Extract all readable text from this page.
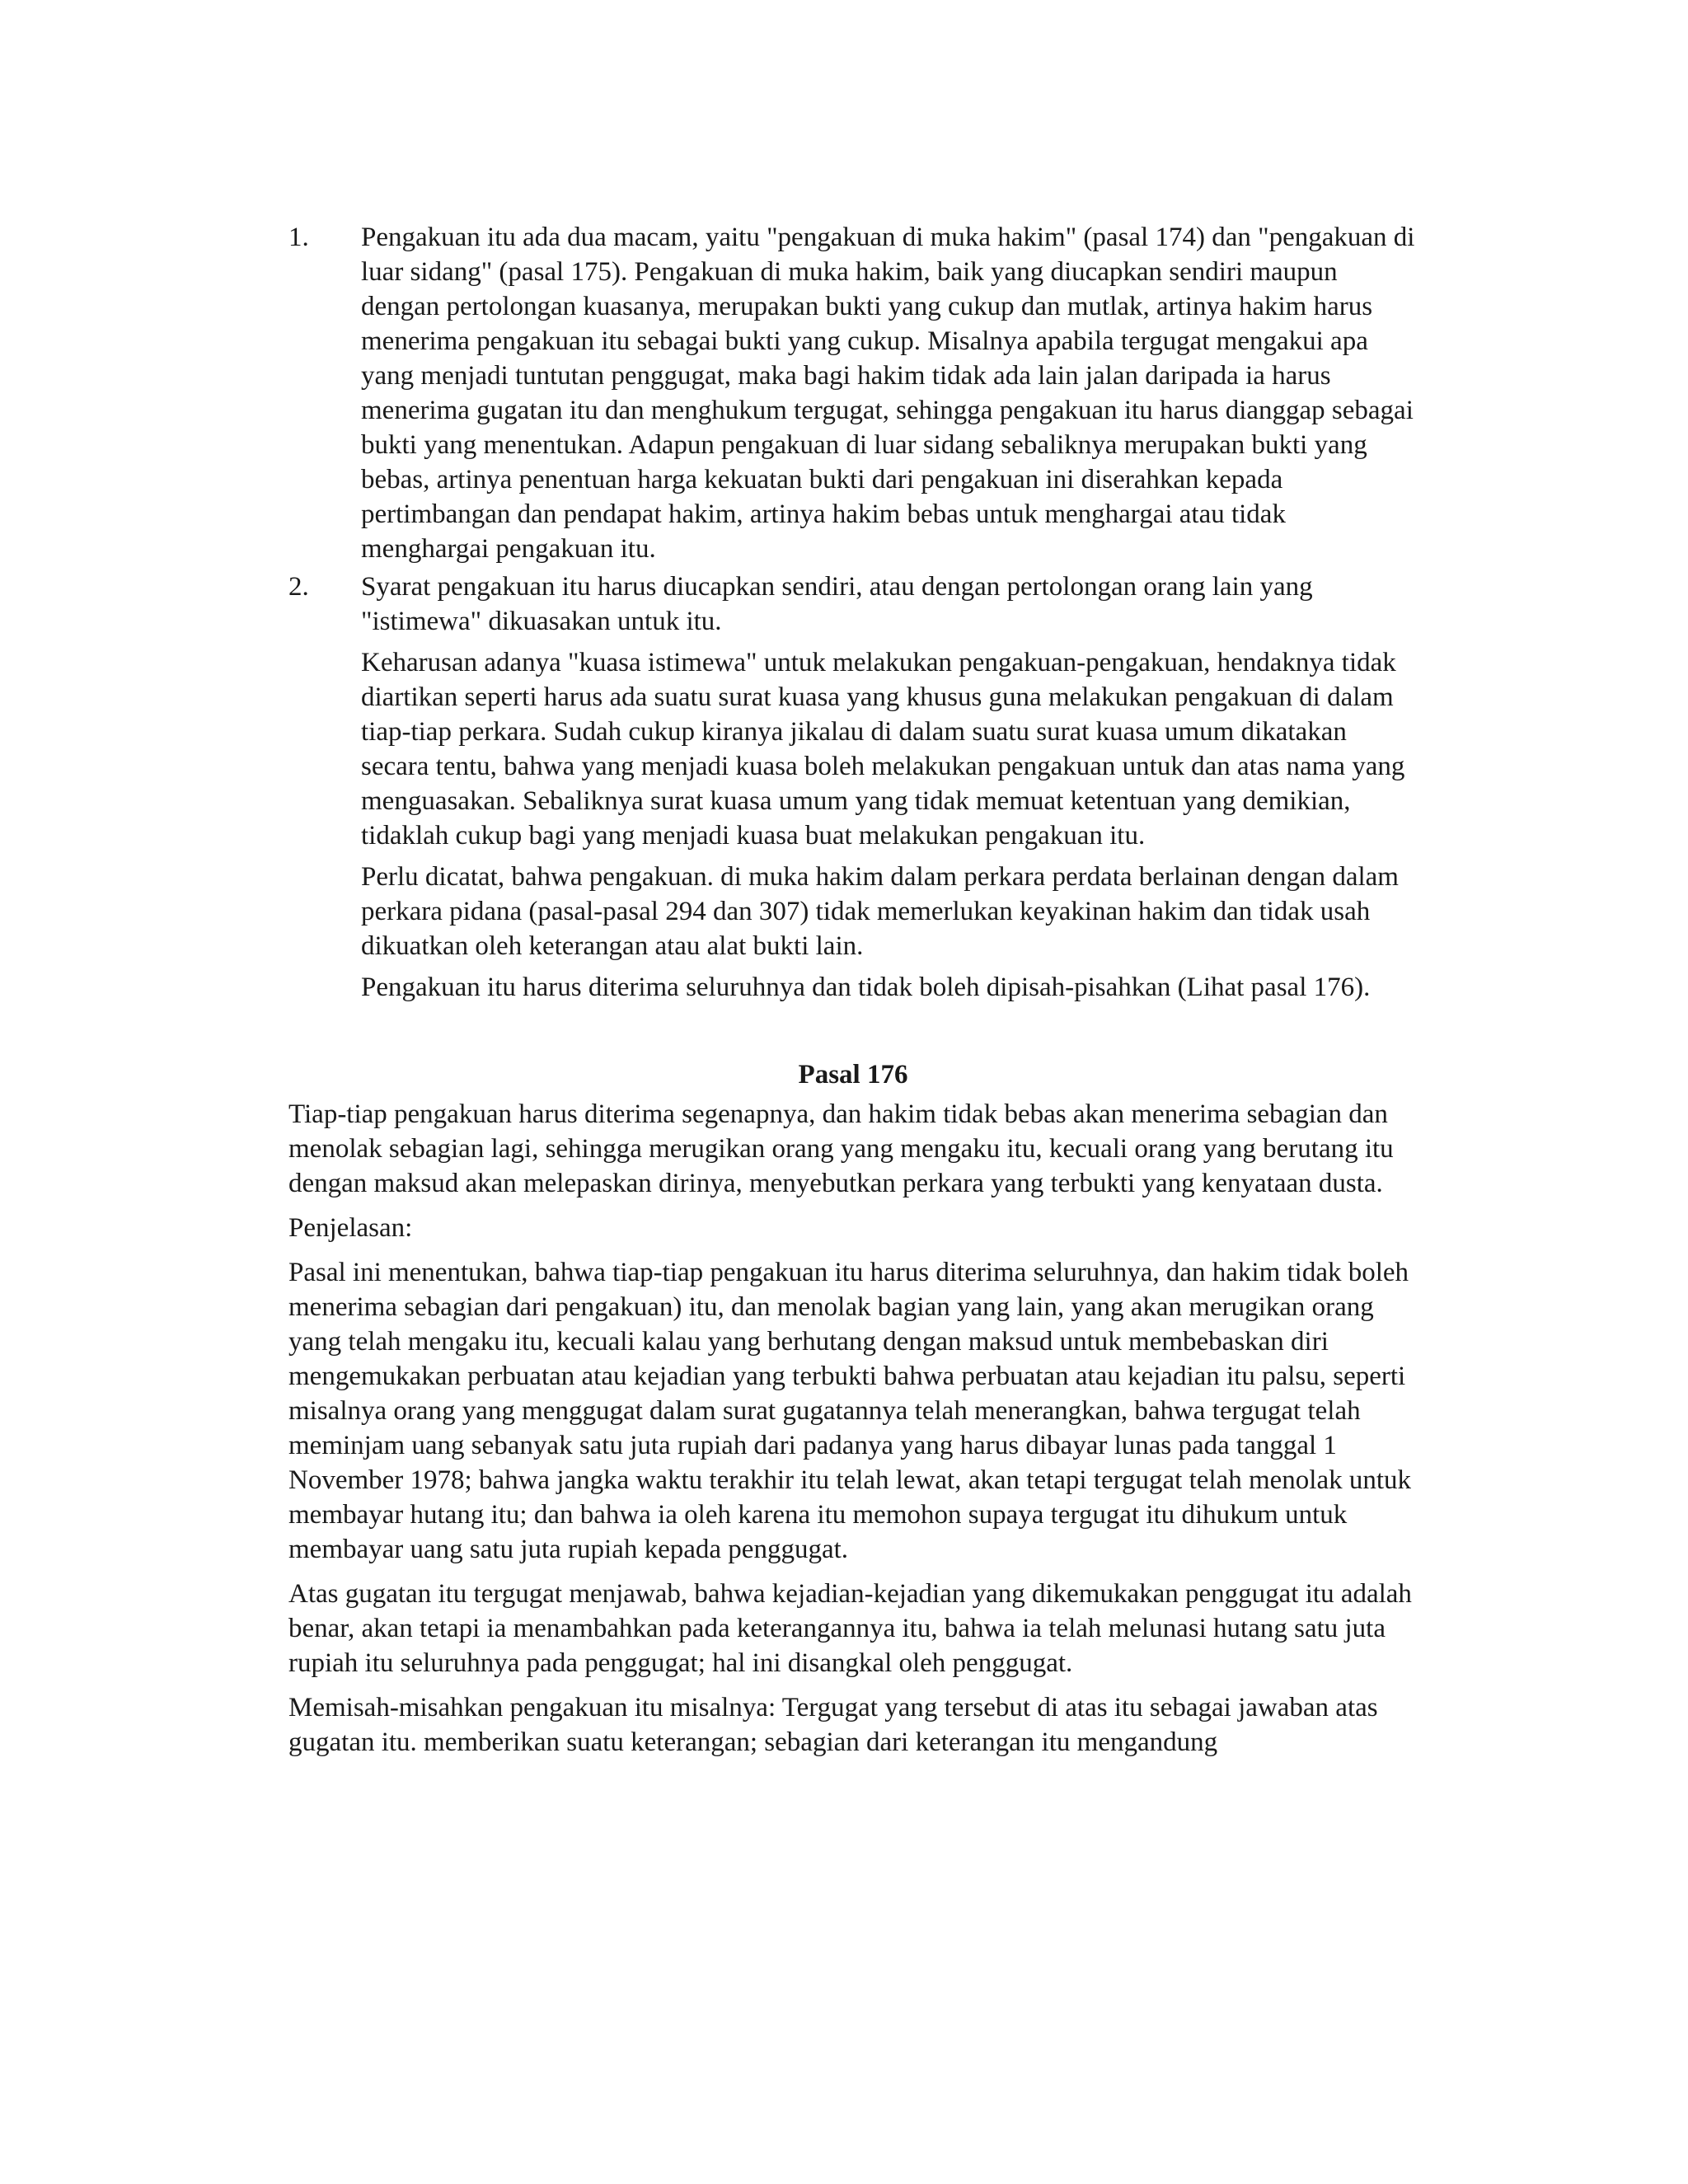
1. Pengakuan itu ada dua macam, yaitu "pengakuan di muka hakim" (pasal 174) dan "pengakuan di luar sidang" (pasal 175). Pengakuan di muka hakim, baik yang diucapkan sendiri maupun dengan pertolongan kuasanya, merupakan bukti yang cukup dan mutlak, artinya hakim harus menerima pengakuan itu sebagai bukti yang cukup. Misalnya apabila tergugat mengakui apa yang menjadi tuntutan penggugat, maka bagi hakim tidak ada lain jalan daripada ia harus menerima gugatan itu dan menghukum tergugat, sehingga pengakuan itu harus dianggap sebagai bukti yang menentukan. Adapun pengakuan di luar sidang sebaliknya merupakan bukti yang bebas, artinya penentuan harga kekuatan bukti dari pengakuan ini diserahkan kepada pertimbangan dan pendapat hakim, artinya hakim bebas untuk menghargai atau tidak menghargai pengakuan itu.

2. Syarat pengakuan itu harus diucapkan sendiri, atau dengan pertolongan orang lain yang "istimewa" dikuasakan untuk itu.

Keharusan adanya "kuasa istimewa" untuk melakukan pengakuan-pengakuan, hendaknya tidak diartikan seperti harus ada suatu surat kuasa yang khusus guna melakukan pengakuan di dalam tiap-tiap perkara. Sudah cukup kiranya jikalau di dalam suatu surat kuasa umum dikatakan secara tentu, bahwa yang menjadi kuasa boleh melakukan pengakuan untuk dan atas nama yang menguasakan. Sebaliknya surat kuasa umum yang tidak memuat ketentuan yang demikian, tidaklah cukup bagi yang menjadi kuasa buat melakukan pengakuan itu.

Perlu dicatat, bahwa pengakuan. di muka hakim dalam perkara perdata berlainan dengan dalam perkara pidana (pasal-pasal 294 dan 307) tidak memerlukan keyakinan hakim dan tidak usah dikuatkan oleh keterangan atau alat bukti lain.

Pengakuan itu harus diterima seluruhnya dan tidak boleh dipisah-pisahkan (Lihat pasal 176).

Pasal 176

Tiap-tiap pengakuan harus diterima segenapnya, dan hakim tidak bebas akan menerima sebagian dan menolak sebagian lagi, sehingga merugikan orang yang mengaku itu, kecuali orang yang berutang itu dengan maksud akan melepaskan dirinya, menyebutkan perkara yang terbukti yang kenyataan dusta.

Penjelasan:

Pasal ini menentukan, bahwa tiap-tiap pengakuan itu harus diterima seluruhnya, dan hakim tidak boleh menerima sebagian dari pengakuan) itu, dan menolak bagian yang lain, yang akan merugikan orang yang telah mengaku itu, kecuali kalau yang berhutang dengan maksud untuk membebaskan diri mengemukakan perbuatan atau kejadian yang terbukti bahwa perbuatan atau kejadian itu palsu, seperti misalnya orang yang menggugat dalam surat gugatannya telah menerangkan, bahwa tergugat telah meminjam uang sebanyak satu juta rupiah dari padanya yang harus dibayar lunas pada tanggal 1 November 1978; bahwa jangka waktu terakhir itu telah lewat, akan tetapi tergugat telah menolak untuk membayar hutang itu; dan bahwa ia oleh karena itu memohon supaya tergugat itu dihukum untuk membayar uang satu juta rupiah kepada penggugat.

Atas gugatan itu tergugat menjawab, bahwa kejadian-kejadian yang dikemukakan penggugat itu adalah benar, akan tetapi ia menambahkan pada keterangannya itu, bahwa ia telah melunasi hutang satu juta rupiah itu seluruhnya pada penggugat; hal ini disangkal oleh penggugat.

Memisah-misahkan pengakuan itu misalnya: Tergugat yang tersebut di atas itu sebagai jawaban atas gugatan itu. memberikan suatu keterangan; sebagian dari keterangan itu mengandung
